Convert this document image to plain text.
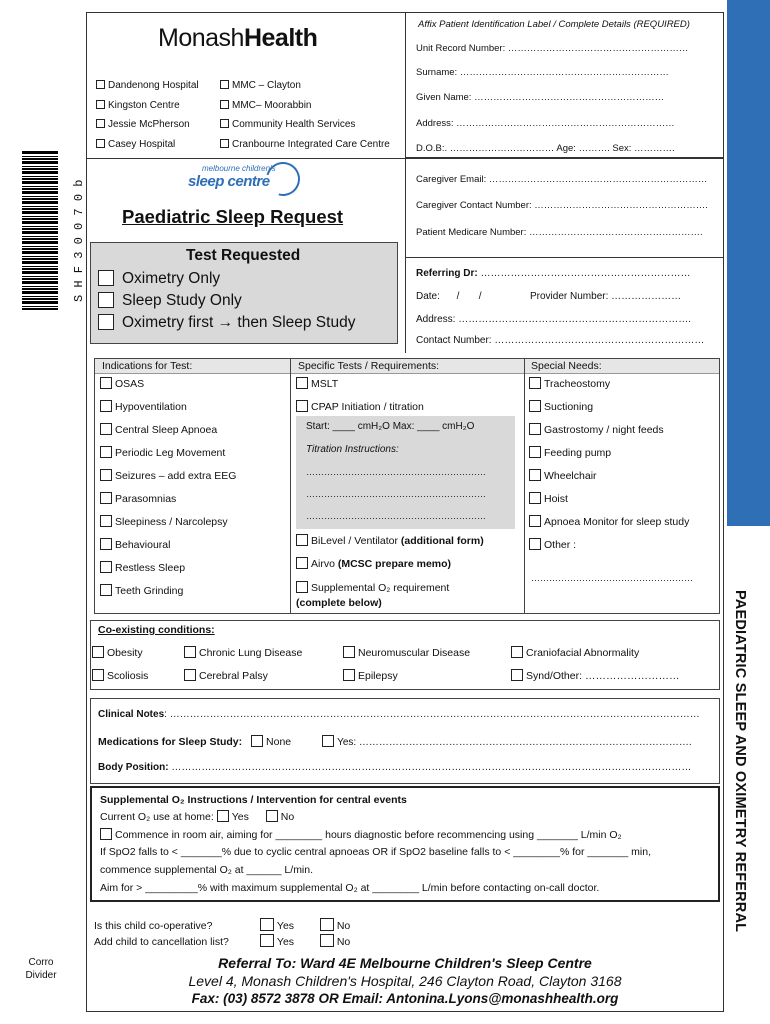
PAEDIATRIC SLEEP AND OXIMETRY REFERRAL
S H F 3 0 0 7 0 b
Corro
Divider
MonashHealth
Dandenong Hospital
Kingston Centre
Jessie McPherson
Casey Hospital
MMC – Clayton
MMC– Moorabbin
Community Health Services
Cranbourne Integrated Care Centre
Affix Patient Identification Label / Complete Details (REQUIRED)
Unit Record Number: …………………………………………………
Surname: …………………………………………………………
Given Name: ……………………………………………………
Address: ……………………………………………………………
D.O.B:. …………………………… Age: ………. Sex: ………….
melbourne children's
sleep centre
Paediatric Sleep Request
Test Requested
Oximetry Only
Sleep Study Only
Oximetry first → then Sleep Study
Caregiver Email: ……………………………………………………………
Caregiver Contact Number: ……………………………………………….
Patient Medicare Number: ……………………………………………….
Referring Dr: ………………………………………………………
Date:      /       /	Provider Number: …………………
Address: …………………………………………………………….
Contact Number: ………………………………………………………
Indications for Test:	Specific Tests / Requirements:	Special Needs:
OSAS
Hypoventilation
Central Sleep Apnoea
Periodic Leg Movement
Seizures – add extra EEG
Parasomnias
Sleepiness / Narcolepsy
Behavioural
Restless Sleep
Teeth Grinding
MSLT
CPAP Initiation / titration
Start: ____ cmH₂O Max: ____ cmH₂O
Titration Instructions:
……………………………………………………
……………………………………………………
……………………………………………………
BiLevel / Ventilator (additional form)
Airvo (MCSC prepare memo)
Supplemental O₂ requirement
(complete below)
Tracheostomy
Suctioning
Gastrostomy / night feeds
Feeding pump
Wheelchair
Hoist
Apnoea Monitor for sleep study
Other :
………………………………………………
Co-existing conditions:
Obesity	Chronic Lung Disease	Neuromuscular Disease	Craniofacial Abnormality
Scoliosis	Cerebral Palsy	Epilepsy	Synd/Other: ………………………
Clinical Notes: ……………………………………………………………………………………………………………………………………………
Medications for Sleep Study: None	Yes: ……………………………………………………………………………………….
Body Position: …………………………………………………………………………………………………………………………………………
Supplemental O₂ Instructions / Intervention for central events
Current O₂ use at home: Yes	No
Commence in room air, aiming for ________ hours diagnostic before recommencing using _______ L/min O₂
If SpO2 falls to < _______% due to cyclic central apnoeas OR if SpO2 baseline falls to < ________% for _______ min,
commence supplemental O₂ at ______ L/min.
Aim for > _________% with maximum supplemental O₂ at ________ L/min before contacting on-call doctor.
Is this child co-operative?	Yes	No
Add child to cancellation list?	Yes	No
Referral To: Ward 4E Melbourne Children's Sleep Centre
Level 4, Monash Children's Hospital, 246 Clayton Road, Clayton 3168
Fax: (03) 8572 3878 OR Email: Antonina.Lyons@monashhealth.org
